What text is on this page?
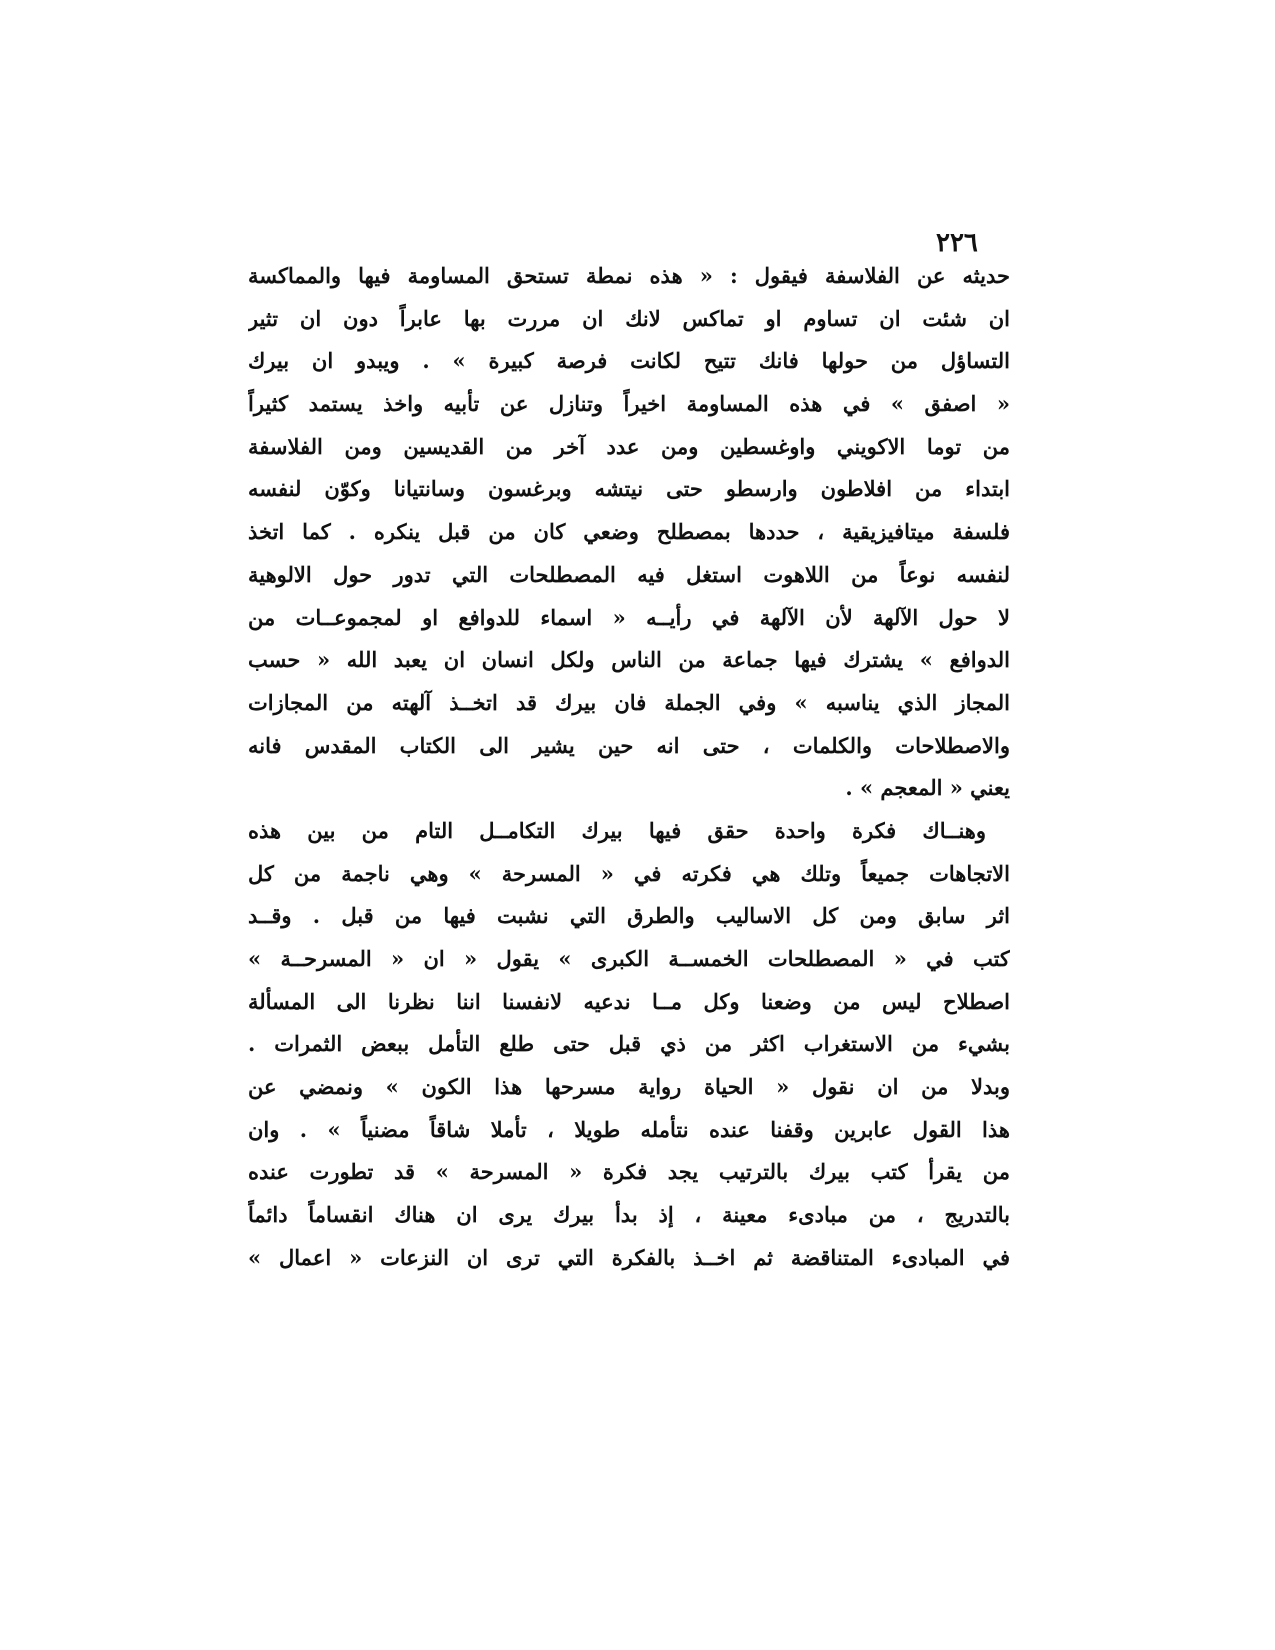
٢٢٦
حديثه عن الفلاسفة فيقول : « هذه نمطة تستحق المساومة فيها والمماكسة
ان شئت ان تساوم او تماكس لانك ان مررت بها عابراً دون ان تثير
التساؤل من حولها فانك تتيح لكانت فرصة كبيرة » . ويبدو ان بيرك
« اصفق » في هذه المساومة اخيراً وتنازل عن تأبيه واخذ يستمد كثيراً
من توما الاكويني واوغسطين ومن عدد آخر من القديسين ومن الفلاسفة
ابتداء من افلاطون وارسطو حتى نيتشه وبرغسون وسانتيانا وكوّن لنفسه
فلسفة ميتافيزيقية ، حددها بمصطلح وضعي كان من قبل ينكره . كما اتخذ
لنفسه نوعاً من اللاهوت استغل فيه المصطلحات التي تدور حول الالوهية
لا حول الآلهة لأن الآلهة في رأيــه « اسماء للدوافع او لمجموعــات من
الدوافع » يشترك فيها جماعة من الناس ولكل انسان ان يعبد الله « حسب
المجاز الذي يناسبه » وفي الجملة فان بيرك قد اتخــذ آلهته من المجازات
والاصطلاحات والكلمات ، حتى انه حين يشير الى الكتاب المقدس فانه
يعني « المعجم » .
وهنــاك فكرة واحدة حقق فيها بيرك التكامــل التام من بين هذه
الاتجاهات جميعاً وتلك هي فكرته في « المسرحة » وهي ناجمة من كل
اثر سابق ومن كل الاساليب والطرق التي نشبت فيها من قبل . وقــد
كتب في « المصطلحات الخمســة الكبرى » يقول « ان « المسرحــة »
اصطلاح ليس من وضعنا وكل مــا ندعيه لانفسنا اننا نظرنا الى المسألة
بشيء من الاستغراب اكثر من ذي قبل حتى طلع التأمل ببعض الثمرات .
وبدلا من ان نقول « الحياة رواية مسرحها هذا الكون » ونمضي عن
هذا القول عابرين وقفنا عنده نتأمله طويلا ، تأملا شاقاً مضنياً » . وان
من يقرأ كتب بيرك بالترتيب يجد فكرة « المسرحة » قد تطورت عنده
بالتدريج ، من مبادىء معينة ، إذ بدأ بيرك يرى ان هناك انقساماً دائماً
في المبادىء المتناقضة ثم اخــذ بالفكرة التي ترى ان النزعات « اعمال »
